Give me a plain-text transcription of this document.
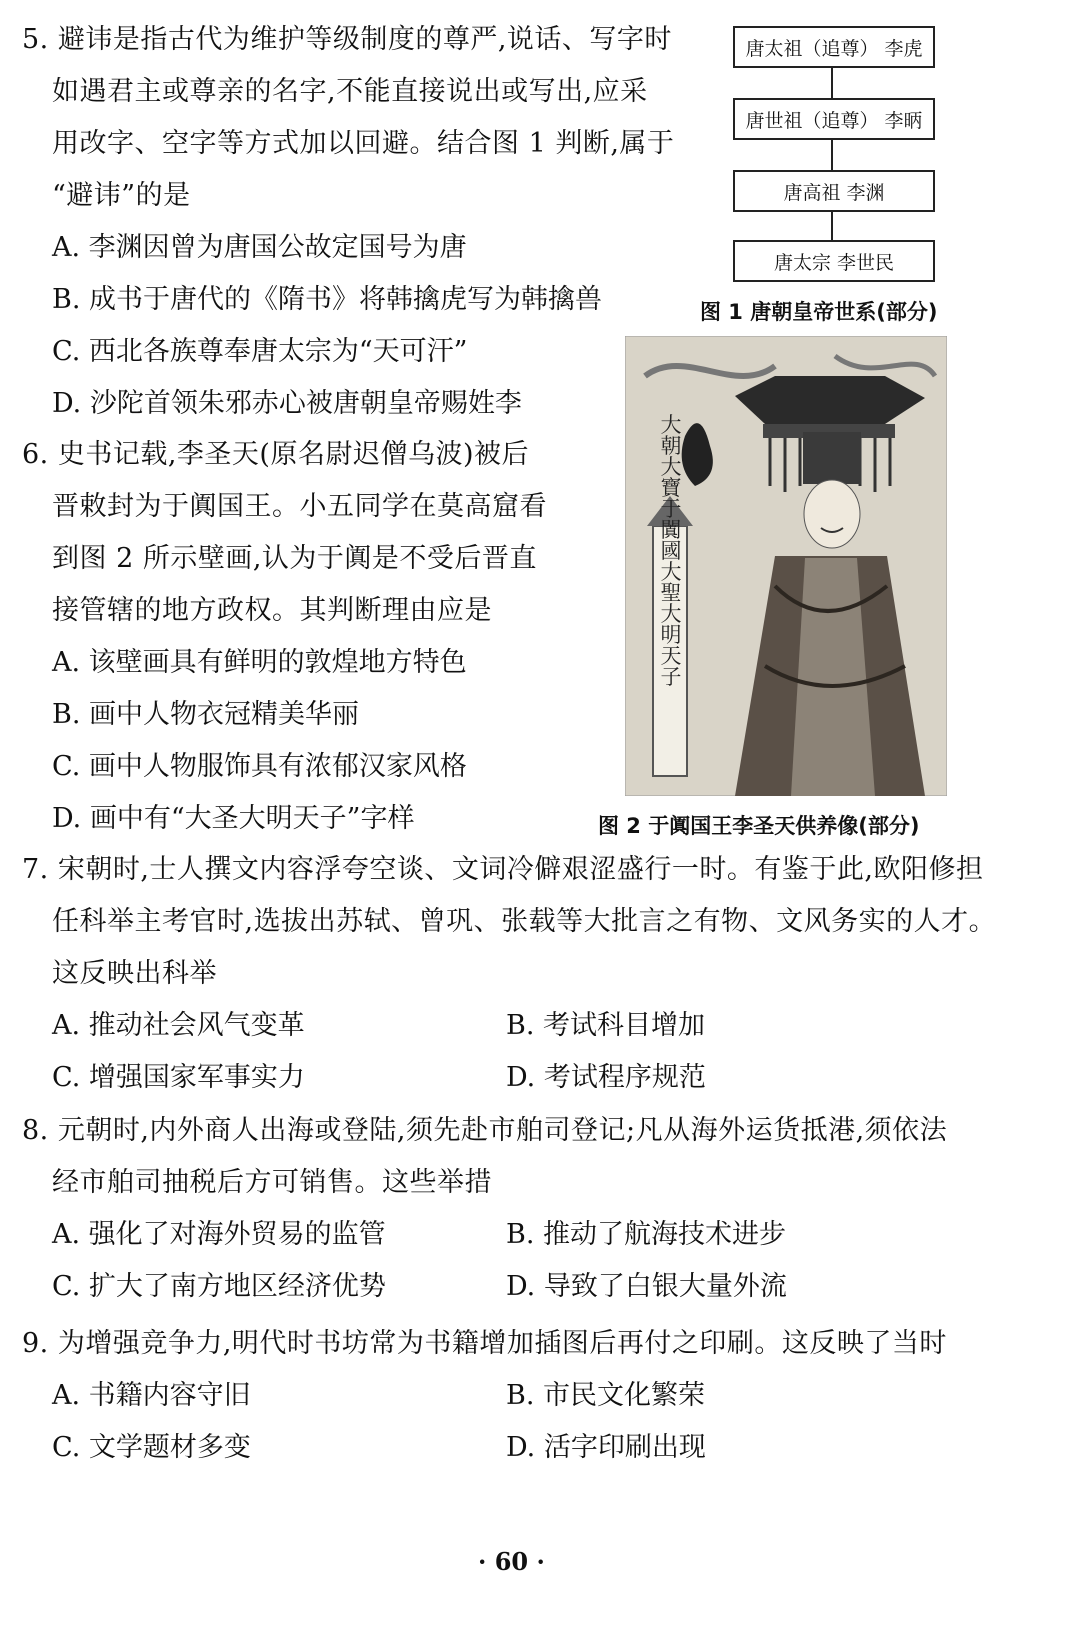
5. 避讳是指古代为维护等级制度的尊严,说话、写字时
如遇君主或尊亲的名字,不能直接说出或写出,应采
用改字、空字等方式加以回避。结合图 1 判断,属于
“避讳”的是
A. 李渊因曾为唐国公故定国号为唐
B. 成书于唐代的《隋书》将韩擒虎写为韩擒兽
C. 西北各族尊奉唐太宗为“天可汗”
D. 沙陀首领朱邪赤心被唐朝皇帝赐姓李
唐太祖（追尊） 李虎
唐世祖（追尊） 李昞
唐高祖 李渊
唐太宗 李世民
图 1 唐朝皇帝世系(部分)
6. 史书记载,李圣天(原名尉迟僧乌波)被后
晋敕封为于阗国王。小五同学在莫高窟看
到图 2 所示壁画,认为于阗是不受后晋直
接管辖的地方政权。其判断理由应是
A. 该壁画具有鲜明的敦煌地方特色
B. 画中人物衣冠精美华丽
C. 画中人物服饰具有浓郁汉家风格
D. 画中有“大圣大明天子”字样
大朝大寶于闐國大聖大明天子
图 2 于阗国王李圣天供养像(部分)
7. 宋朝时,士人撰文内容浮夸空谈、文词冷僻艰涩盛行一时。有鉴于此,欧阳修担
任科举主考官时,选拔出苏轼、曾巩、张载等大批言之有物、文风务实的人才。
这反映出科举
A. 推动社会风气变革	B. 考试科目增加
C. 增强国家军事实力	D. 考试程序规范
8. 元朝时,内外商人出海或登陆,须先赴市舶司登记;凡从海外运货抵港,须依法
经市舶司抽税后方可销售。这些举措
A. 强化了对海外贸易的监管	B. 推动了航海技术进步
C. 扩大了南方地区经济优势	D. 导致了白银大量外流
9. 为增强竞争力,明代时书坊常为书籍增加插图后再付之印刷。这反映了当时
A. 书籍内容守旧	B. 市民文化繁荣
C. 文学题材多变	D. 活字印刷出现
· 60 ·
